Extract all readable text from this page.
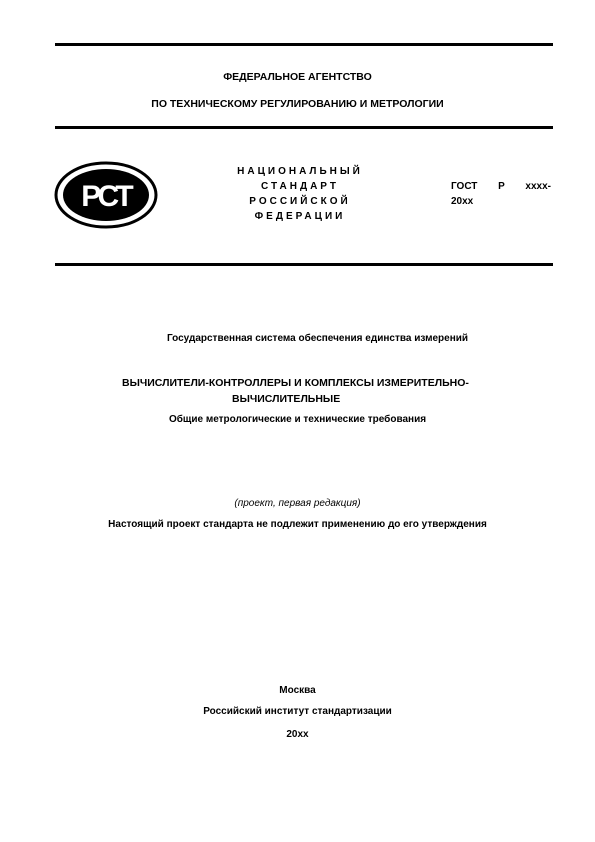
ФЕДЕРАЛЬНОЕ АГЕНТСТВО
ПО ТЕХНИЧЕСКОМУ РЕГУЛИРОВАНИЮ И МЕТРОЛОГИИ
РСТ
НАЦИОНАЛЬНЫЙ
СТАНДАРТ
РОССИЙСКОЙ
ФЕДЕРАЦИИ
ГОСТ Р хххх-
20хх
Государственная система обеспечения единства измерений
ВЫЧИСЛИТЕЛИ-КОНТРОЛЛЕРЫ И КОМПЛЕКСЫ ИЗМЕРИТЕЛЬНО-
ВЫЧИСЛИТЕЛЬНЫЕ
Общие метрологические и технические требования
(проект, первая редакция)
Настоящий проект стандарта не подлежит применению до его утверждения
Москва
Российский институт стандартизации
20хх
